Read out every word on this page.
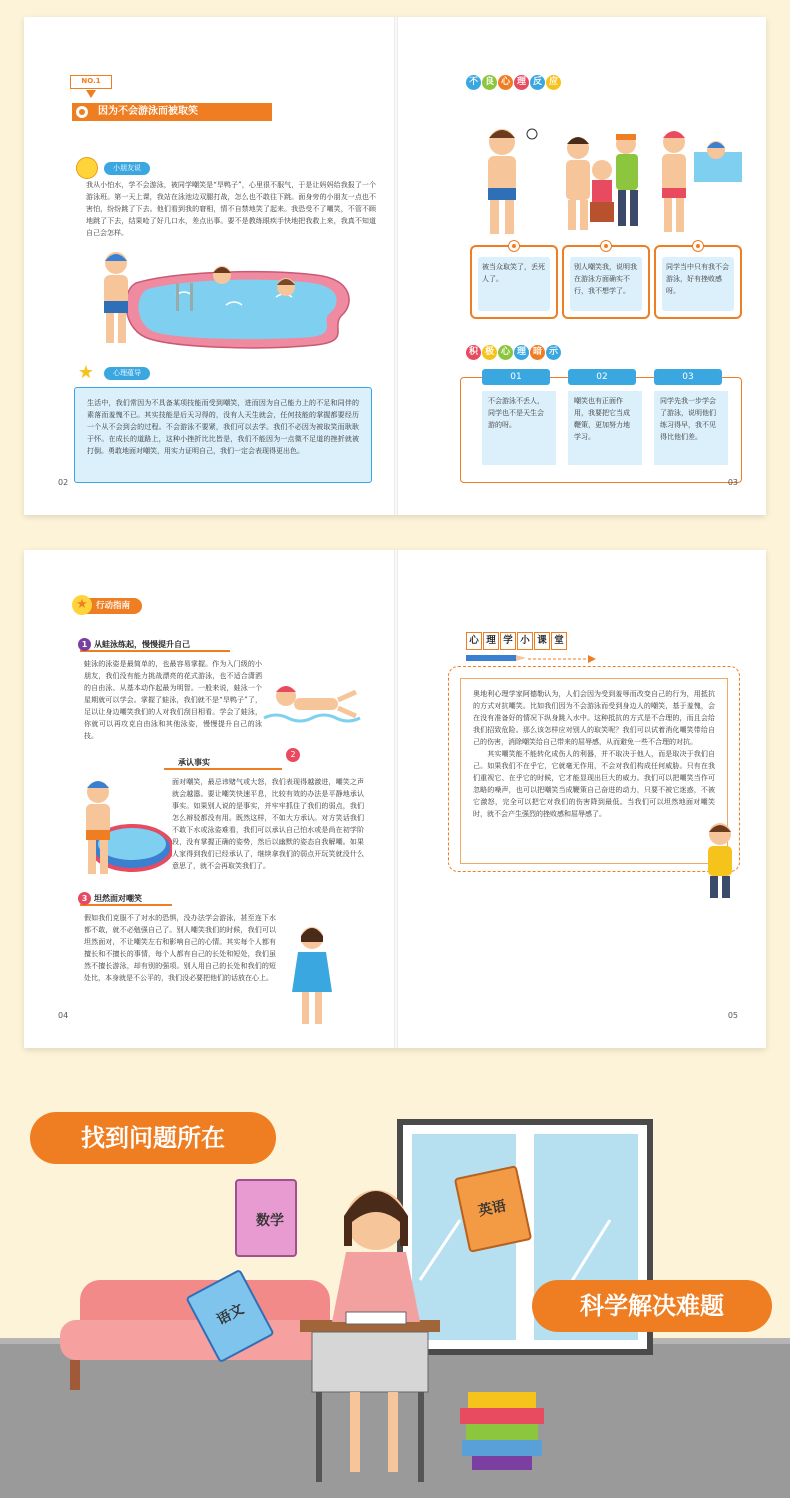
NO.1
因为不会游泳而被取笑
小朋友说
我从小怕水，学不会游泳，被同学嘲笑是“旱鸭子”，心里很不服气，于是让妈妈给我报了一个游泳班。第一天上课，我站在泳池边双腿打战，怎么也不敢往下跳。面身旁的小朋友一点也不害怕，纷纷跳了下去。他们看到我的窘相，情不自禁地笑了起来。我恐受不了嘲笑，不管不顾地跳了下去，结果呛了好几口水，差点出事。要不是教练眼疾手快地把我救上来，我真不知道自己会怎样。
★	心理蕴导
生活中，我们常因为不具备某项技能而受到嘲笑，进而因为自己能力上的不足和同伴的素落而羞愧不已。其实技能是后天习得的，没有人天生就会，任何技能的掌握都要经历一个从不会到会的过程。不会游泳不要紧，我们可以去学。我们不必因为被取笑而耿耿于怀。在成长的道路上，这种小挫折比比皆是，我们不能因为一点微不足道的挫折就被打倒。勇敢地面对嘲笑，用实力证明自己，我们一定会表现得更出色。
02
不 良 心 理 反 应
被当众取笑了，丢死人了。
别人嘲笑我，说明我在游泳方面确实不行，我不想学了。
同学当中只有我不会游泳，好有挫败感呀。
积 极 心 理 暗 示
01	02	03
不会游泳不丢人，同学也不是天生会游的呀。
嘲笑也有正面作用，我要把它当成鞭策，更加努力地学习。
同学先我一步学会了游泳，说明他们练习得早，我不见得比他们差。
03
★ 行动指南
1 从蛙泳练起，慢慢提升自己
蛙泳的泳姿是最简单的，也最容易掌握。作为入门级的小朋友，我们没有能力挑战漂亮的花式游泳，也不适合潇洒的自由泳、从基本动作起最为明智。一般来说，蛙泳一个星期就可以学会。掌握了蛙泳，我们就不是“旱鸭子”了，足以让身边嘲笑我们的人对我们刮目相看。学会了蛙泳，你就可以再攻克自由泳和其他泳姿，慢慢提升自己的泳技。
承认事实
2
面对嘲笑，最忌讳赌气或大怒，我们表现得越激进，嘲笑之声就会越嚣。要让嘲笑快速平息，比较有效的办法是平静地承认事实。如果别人说的是事实，并牢牢抓住了我们的弱点，我们怎么辩驳都没有用。既然这样，不如大方承认。对方笑话我们不敢下水或泳姿难看，我们可以承认自己怕水或是尚在初学阶段，没有掌握正确的姿势，然后以幽默的姿态自我解嘲。如果人家得到我们已经承认了，继续拿我们的弱点开玩笑就没什么意思了，就不会再取笑我们了。
3 坦然面对嘲笑
假如我们克服不了对水的恐惧，没办法学会游泳，甚至连下水都不敢，就不必勉强自己了。别人嘲笑我们的时候，我们可以坦然面对，不让嘲笑左右和影响自己的心情。其实每个人都有擅长和不擅长的事情，每个人都有自己的长处和短处，我们虽然不擅长游泳，却有别的强项。别人用自己的长处和我们的短处比，本身就是不公平的，我们没必要把他们的话放在心上。
04
心 理 学 小 课 堂
奥地利心理学家阿德勒认为，人们会因为受到羞辱而改变自己的行为，用抵抗的方式对抗嘲笑。比如我们因为不会游泳而受到身边人的嘲笑，基于羞愧，会在没有准备好的情况下纵身跳入水中。这种抵抗的方式是不合理的，而且会给我们招致危险。那么该怎样应对别人的取笑呢？我们可以试着消化嘲笑带给自己的伤害，消除嘲笑给自己带来的屈辱感，从而避免一些不合理的对抗。
　　其实嘲笑能不能转化成伤人的利器，并不取决于他人，而是取决于我们自己。如果我们不在乎它，它就毫无作用，不会对我们构成任何威胁。只有在我们重视它、在乎它的时候，它才能显现出巨大的威力。我们可以把嘲笑当作可忽略的噪声，也可以把嘲笑当成鞭策自己奋进的动力，只要不被它迷惑，不被它激怒，完全可以把它对我们的伤害降到最低。当我们可以坦然地面对嘲笑时，就不会产生强烈的挫败感和屈辱感了。
05
数学
英语
语文
找到问题所在
科学解决难题
